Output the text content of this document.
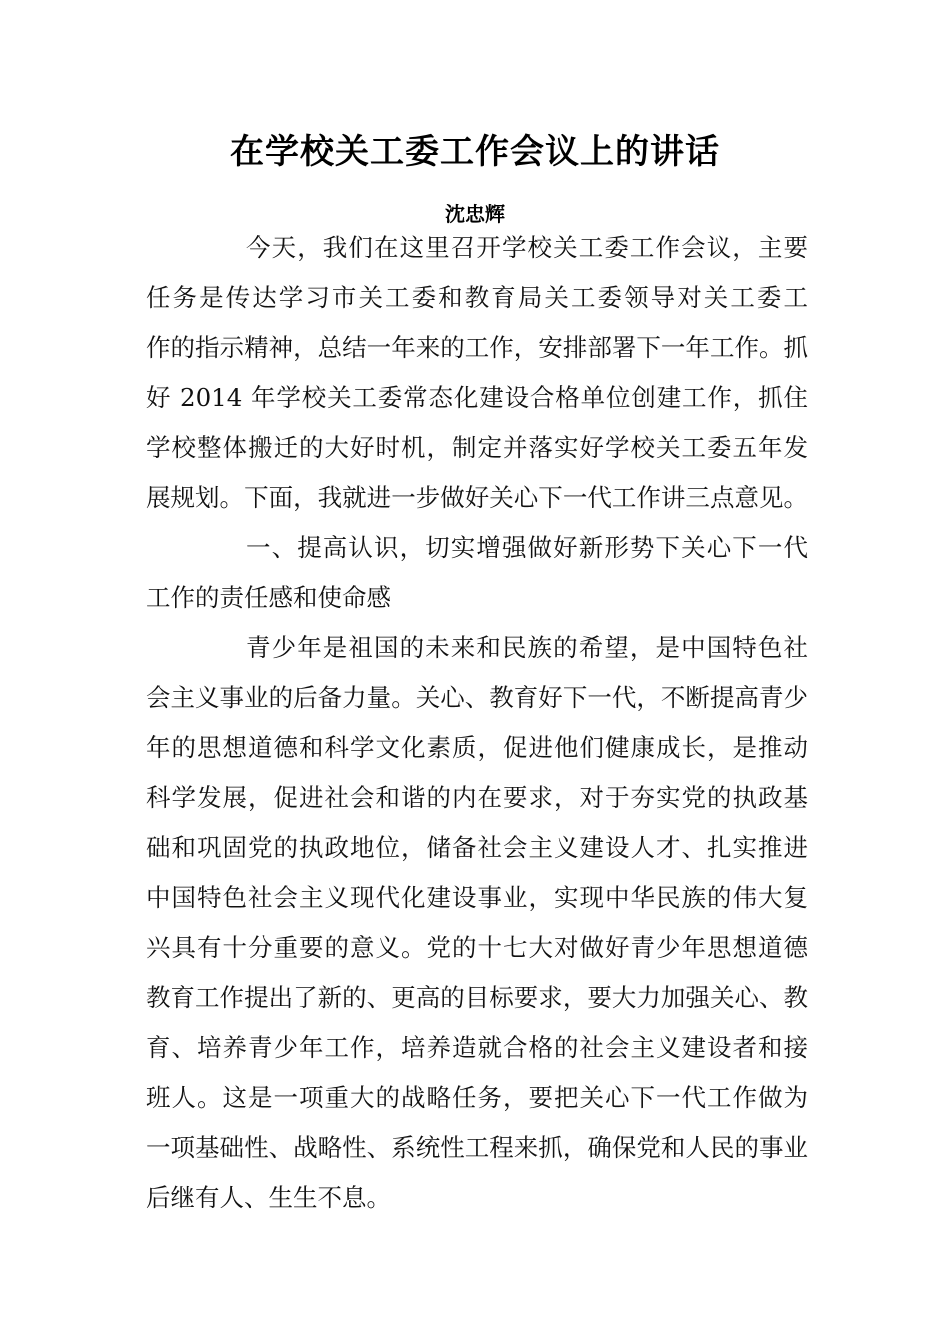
在学校关工委工作会议上的讲话
沈忠辉
今天，我们在这里召开学校关工委工作会议，主要
任务是传达学习市关工委和教育局关工委领导对关工委工
作的指示精神，总结一年来的工作，安排部署下一年工作。抓
好 2014 年学校关工委常态化建设合格单位创建工作，抓住
学校整体搬迁的大好时机，制定并落实好学校关工委五年发
展规划。下面，我就进一步做好关心下一代工作讲三点意见。
一、提高认识，切实增强做好新形势下关心下一代
工作的责任感和使命感
青少年是祖国的未来和民族的希望，是中国特色社
会主义事业的后备力量。关心、教育好下一代，不断提高青少
年的思想道德和科学文化素质，促进他们健康成长，是推动
科学发展，促进社会和谐的内在要求，对于夯实党的执政基
础和巩固党的执政地位，储备社会主义建设人才、扎实推进
中国特色社会主义现代化建设事业，实现中华民族的伟大复
兴具有十分重要的意义。党的十七大对做好青少年思想道德
教育工作提出了新的、更高的目标要求，要大力加强关心、教
育、培养青少年工作，培养造就合格的社会主义建设者和接
班人。这是一项重大的战略任务，要把关心下一代工作做为
一项基础性、战略性、系统性工程来抓，确保党和人民的事业
后继有人、生生不息。
